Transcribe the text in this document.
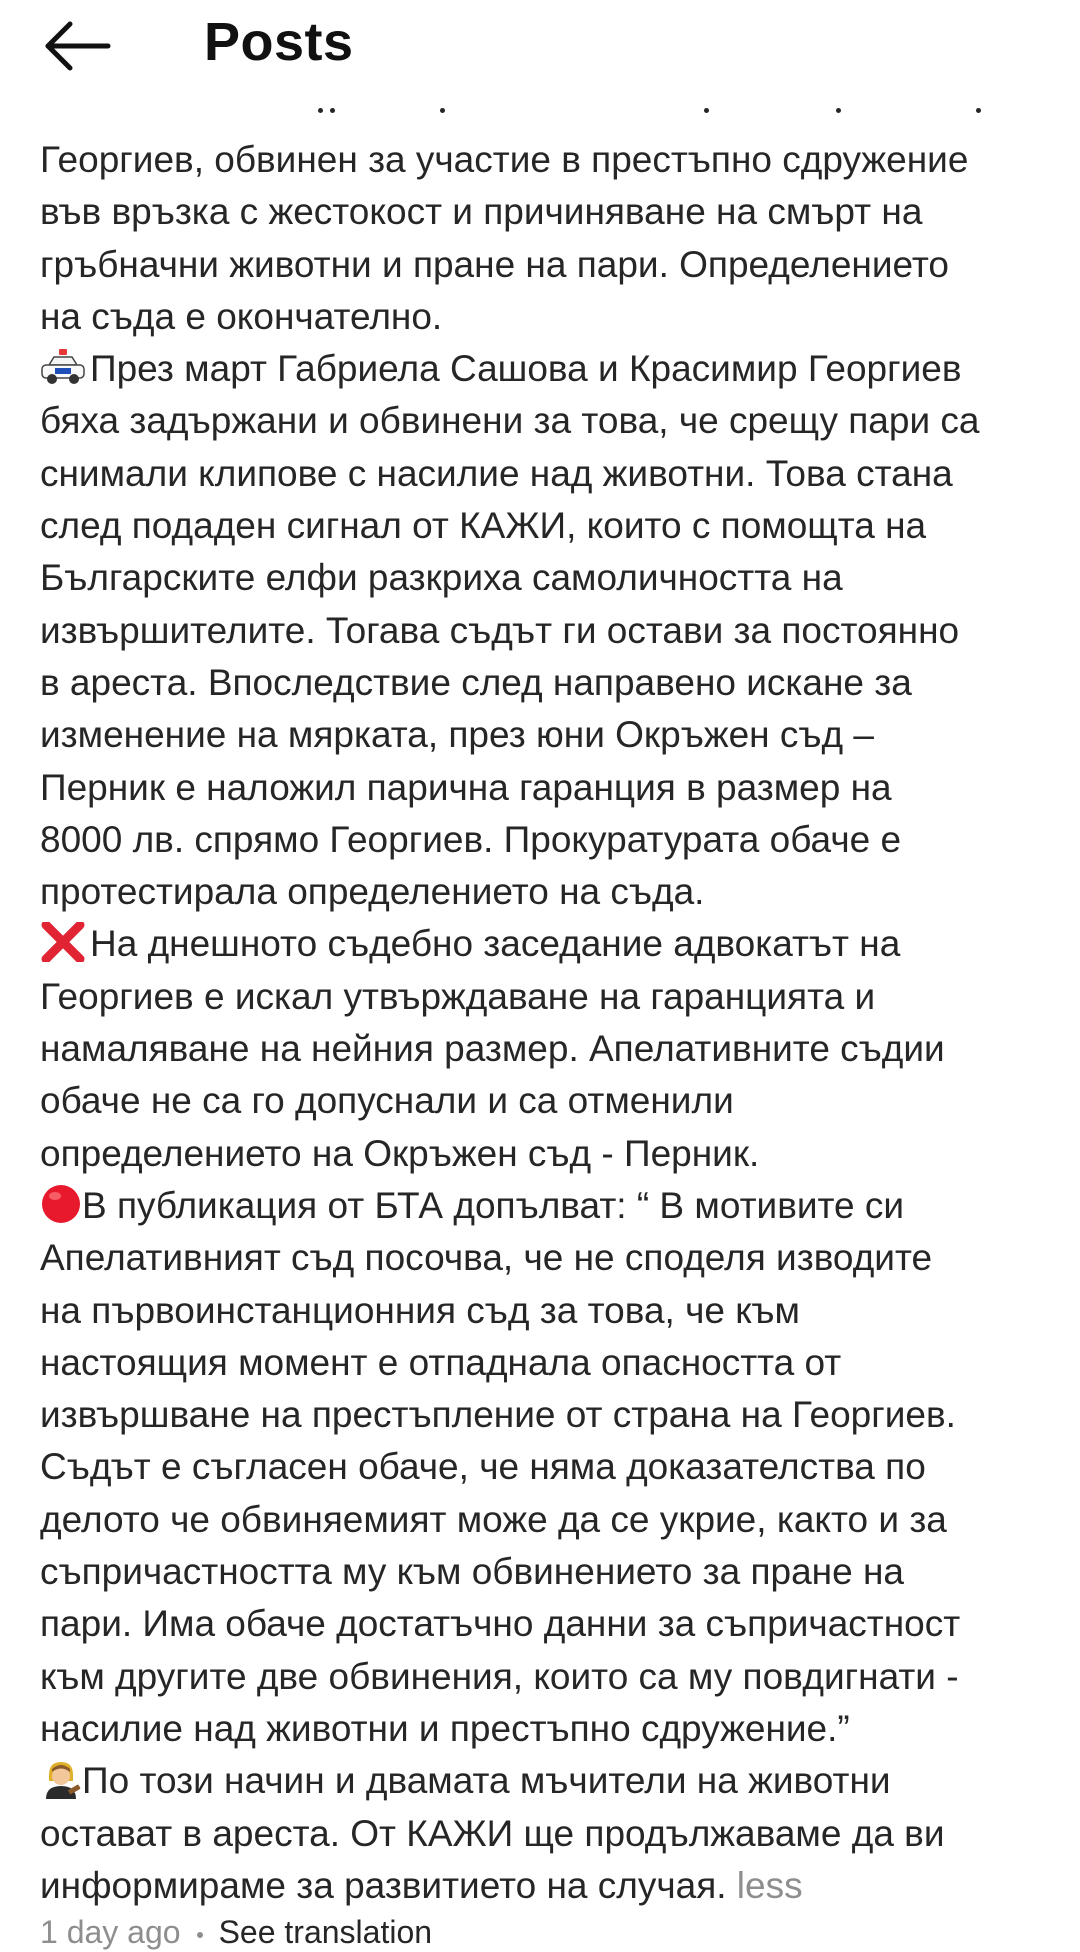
Posts
Георгиев, обвинен за участие в престъпно сдружение
във връзка с жестокост и причиняване на смърт на
гръбначни животни и пране на пари. Определението
на съда е окончателно.
През март Габриела Сашова и Красимир Георгиев
бяха задържани и обвинени за това, че срещу пари са
снимали клипове с насилие над животни. Това стана
след подаден сигнал от КАЖИ, които с помощта на
Българските елфи разкриха самоличността на
извършителите. Тогава съдът ги остави за постоянно
в ареста. Впоследствие след направено искане за
изменение на мярката, през юни Окръжен съд –
Перник е наложил парична гаранция в размер на
8000 лв. спрямо Георгиев. Прокуратурата обаче е
протестирала определението на съда.
На днешното съдебно заседание адвокатът на
Георгиев е искал утвърждаване на гаранцията и
намаляване на нейния размер. Апелативните съдии
обаче не са го допуснали и са отменили
определението на Окръжен съд - Перник.
В публикация от БТА допълват: “ В мотивите си
Апелативният съд посочва, че не споделя изводите
на първоинстанционния съд за това, че към
настоящия момент е отпаднала опасността от
извършване на престъпление от страна на Георгиев.
Съдът е съгласен обаче, че няма доказателства по
делото че обвиняемият може да се укрие, както и за
съпричастността му към обвинението за пране на
пари. Има обаче достатъчно данни за съпричастност
към другите две обвинения, които са му повдигнати -
насилие над животни и престъпно сдружение.”
По този начин и двамата мъчители на животни
остават в ареста. От КАЖИ ще продължаваме да ви
информираме за развитието на случая. less
1 day ago See translation
